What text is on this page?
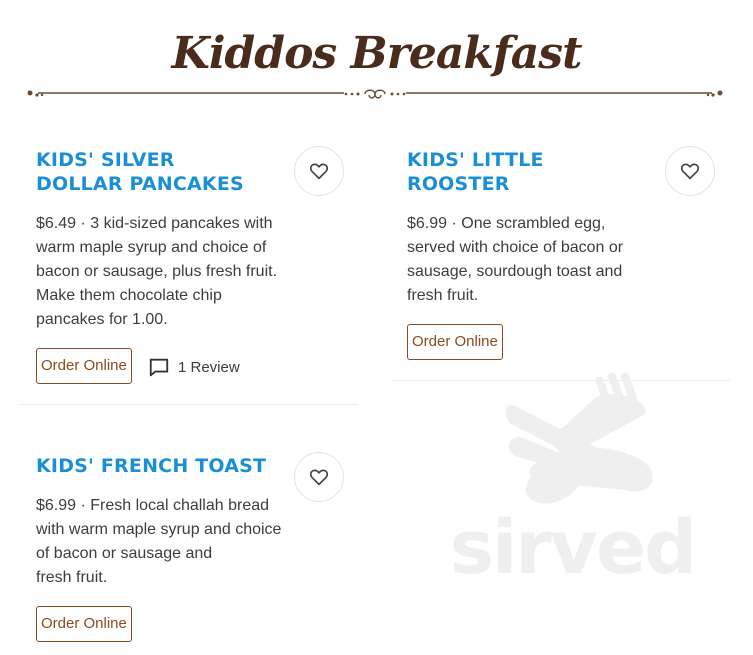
Kiddos Breakfast
KIDS' SILVER
DOLLAR PANCAKES
$6.49 · 3 kid-sized pancakes with
warm maple syrup and choice of
bacon or sausage, plus fresh fruit.
Make them chocolate chip
pancakes for 1.00.
Order Online	1 Review
KIDS' LITTLE
ROOSTER
$6.99 · One scrambled egg,
served with choice of bacon or
sausage, sourdough toast and
fresh fruit.
Order Online
sirved
KIDS' FRENCH TOAST
$6.99 · Fresh local challah bread
with warm maple syrup and choice
of bacon or sausage and
fresh fruit.
Order Online
